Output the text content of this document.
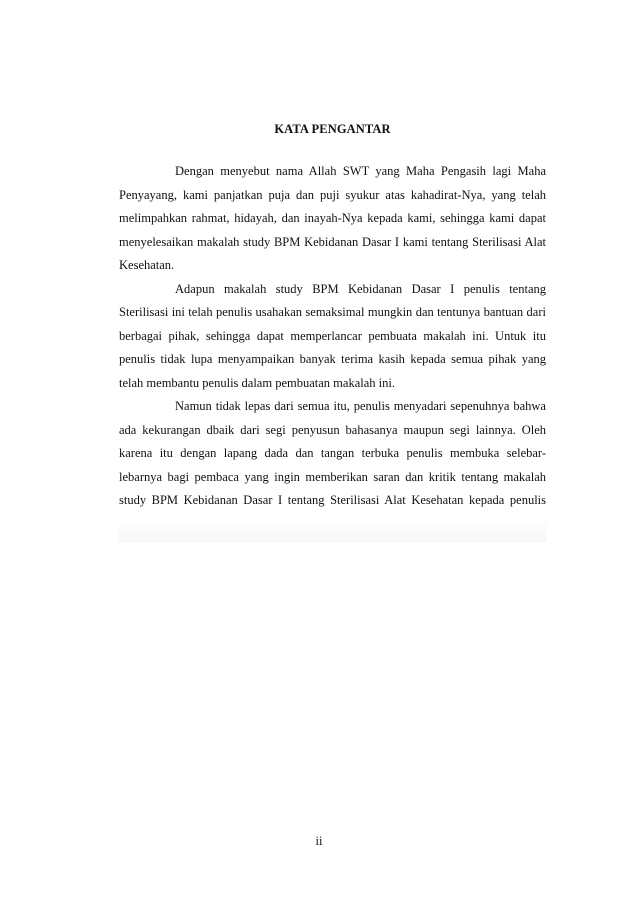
KATA PENGANTAR

Dengan menyebut nama Allah SWT yang Maha Pengasih lagi Maha Penyayang, kami panjatkan puja dan puji syukur atas kahadirat-Nya, yang telah melimpahkan rahmat, hidayah, dan inayah-Nya kepada kami, sehingga kami dapat menyelesaikan makalah study BPM Kebidanan Dasar I kami tentang Sterilisasi Alat Kesehatan.

Adapun makalah study BPM Kebidanan Dasar I penulis tentang Sterilisasi ini telah penulis usahakan semaksimal mungkin dan tentunya bantuan dari berbagai pihak, sehingga dapat memperlancar pembuata makalah ini. Untuk itu penulis tidak lupa menyampaikan banyak terima kasih kepada semua pihak yang telah membantu penulis dalam pembuatan makalah ini.

Namun tidak lepas dari semua itu, penulis menyadari sepenuhnya bahwa ada kekurangan dbaik dari segi penyusun bahasanya maupun segi lainnya. Oleh karena itu dengan lapang dada dan tangan terbuka penulis membuka selebar-lebarnya bagi pembaca yang ingin memberikan saran dan kritik tentang makalah study BPM Kebidanan Dasar I tentang Sterilisasi Alat Kesehatan kepada penulis

ii
